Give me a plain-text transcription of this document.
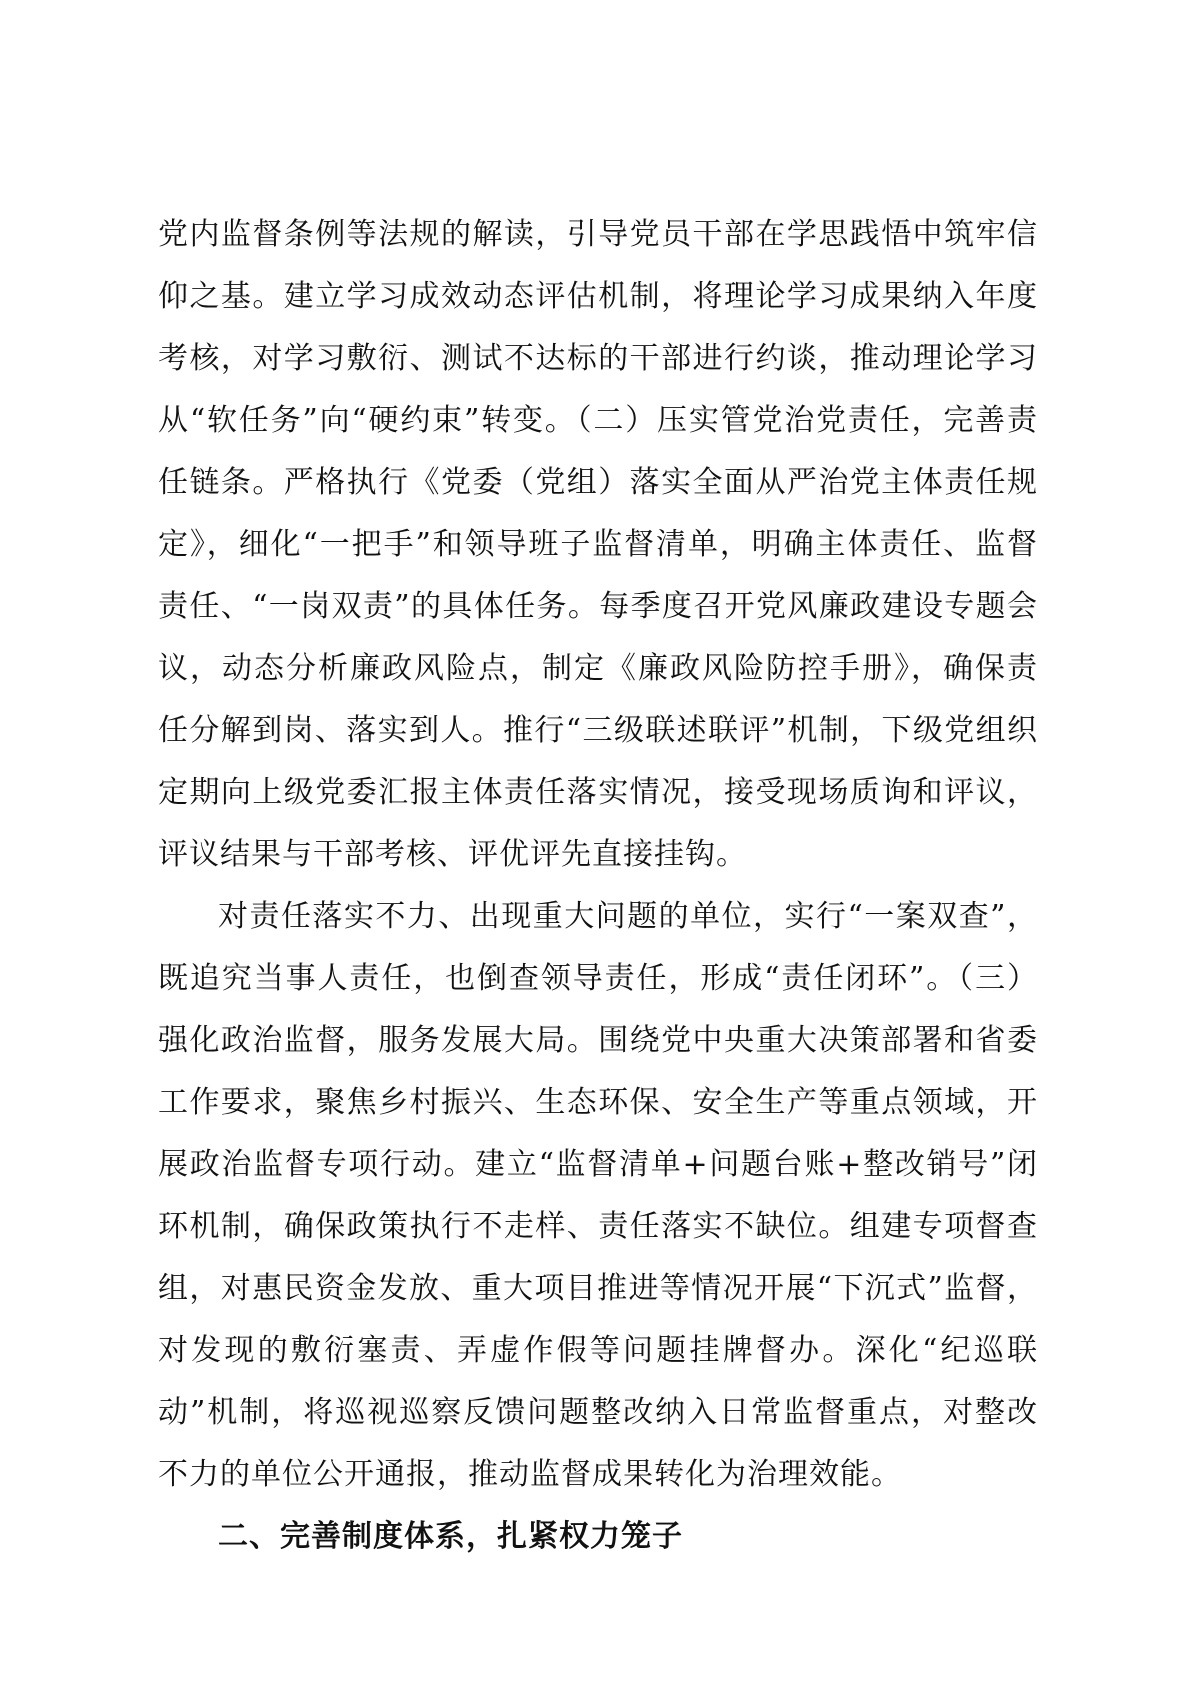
党内监督条例等法规的解读，引导党员干部在学思践悟中筑牢信仰之基。建立学习成效动态评估机制，将理论学习成果纳入年度考核，对学习敷衍、测试不达标的干部进行约谈，推动理论学习从“软任务”向“硬约束”转变。（二）压实管党治党责任，完善责任链条。严格执行《党委（党组）落实全面从严治党主体责任规定》，细化“一把手”和领导班子监督清单，明确主体责任、监督责任、“一岗双责”的具体任务。每季度召开党风廉政建设专题会议，动态分析廉政风险点，制定《廉政风险防控手册》，确保责任分解到岗、落实到人。推行“三级联述联评”机制，下级党组织定期向上级党委汇报主体责任落实情况，接受现场质询和评议，评议结果与干部考核、评优评先直接挂钩。

对责任落实不力、出现重大问题的单位，实行“一案双查”，既追究当事人责任，也倒查领导责任，形成“责任闭环”。（三）强化政治监督，服务发展大局。围绕党中央重大决策部署和省委工作要求，聚焦乡村振兴、生态环保、安全生产等重点领域，开展政治监督专项行动。建立“监督清单+问题台账+整改销号”闭环机制，确保政策执行不走样、责任落实不缺位。组建专项督查组，对惠民资金发放、重大项目推进等情况开展“下沉式”监督，对发现的敷衍塞责、弄虚作假等问题挂牌督办。深化“纪巡联动”机制，将巡视巡察反馈问题整改纳入日常监督重点，对整改不力的单位公开通报，推动监督成果转化为治理效能。

二、完善制度体系，扎紧权力笼子
